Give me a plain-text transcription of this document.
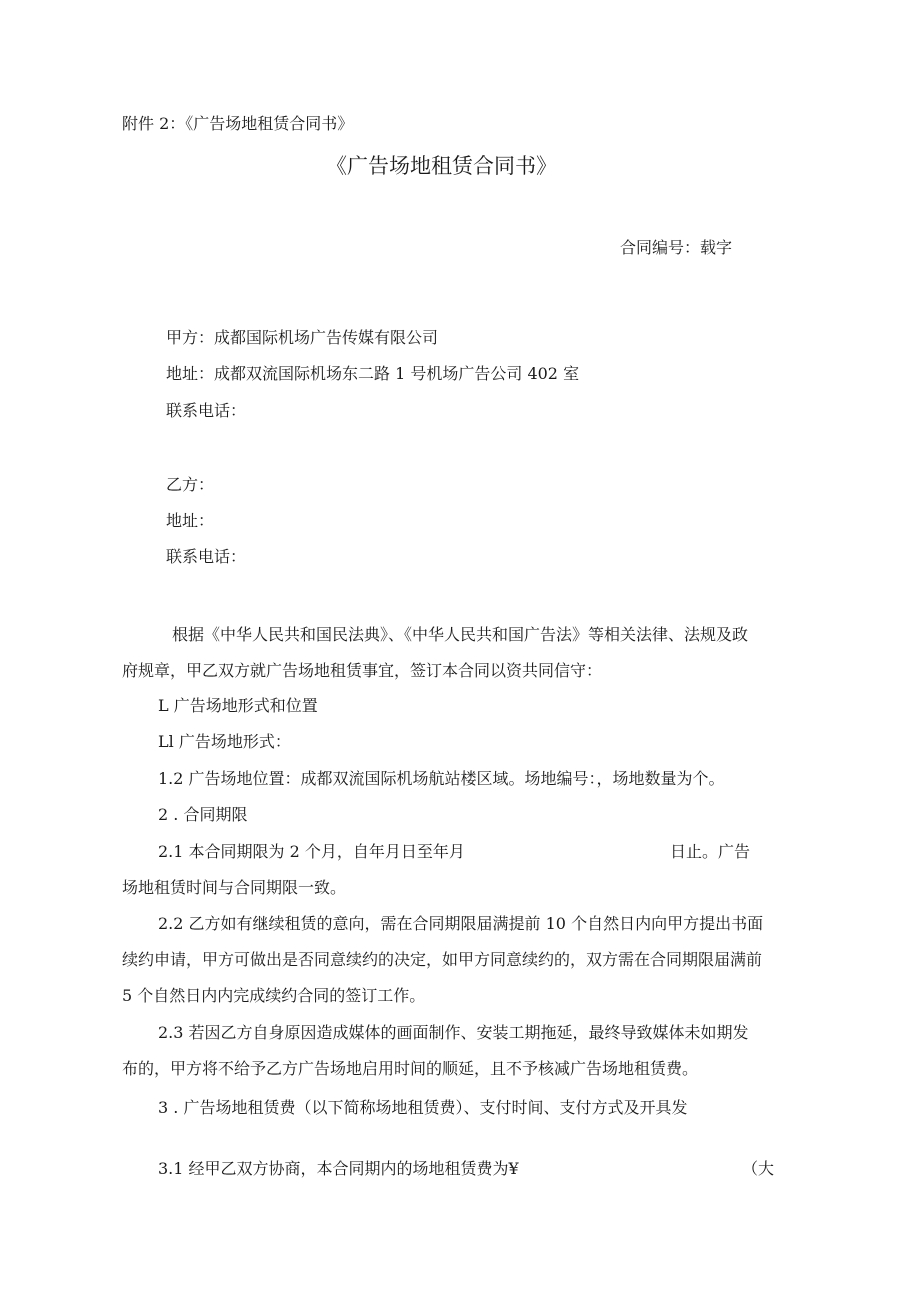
附件 2：《广告场地租赁合同书》
《广告场地租赁合同书》
合同编号：载字
甲方：成都国际机场广告传媒有限公司
地址：成都双流国际机场东二路 1 号机场广告公司 402 室
联系电话：
乙方：
地址：
联系电话：
根据《中华人民共和国民法典》、《中华人民共和国广告法》等相关法律、法规及政
府规章，甲乙双方就广告场地租赁事宜，签订本合同以资共同信守：
L 广告场地形式和位置
Ll 广告场地形式：
1.2 广告场地位置：成都双流国际机场航站楼区域。场地编号：，场地数量为个。
2 . 合同期限
2.1 本合同期限为 2 个月，自年月日至年月	日止。广告
场地租赁时间与合同期限一致。
2.2 乙方如有继续租赁的意向，需在合同期限届满提前 10 个自然日内向甲方提出书面
续约申请，甲方可做出是否同意续约的决定，如甲方同意续约的，双方需在合同期限届满前
5 个自然日内内完成续约合同的签订工作。
2.3 若因乙方自身原因造成媒体的画面制作、安装工期拖延，最终导致媒体未如期发
布的，甲方将不给予乙方广告场地启用时间的顺延，且不予核减广告场地租赁费。
3 . 广告场地租赁费（以下简称场地租赁费）、支付时间、支付方式及开具发
3.1 经甲乙双方协商，本合同期内的场地租赁费为¥	（大
